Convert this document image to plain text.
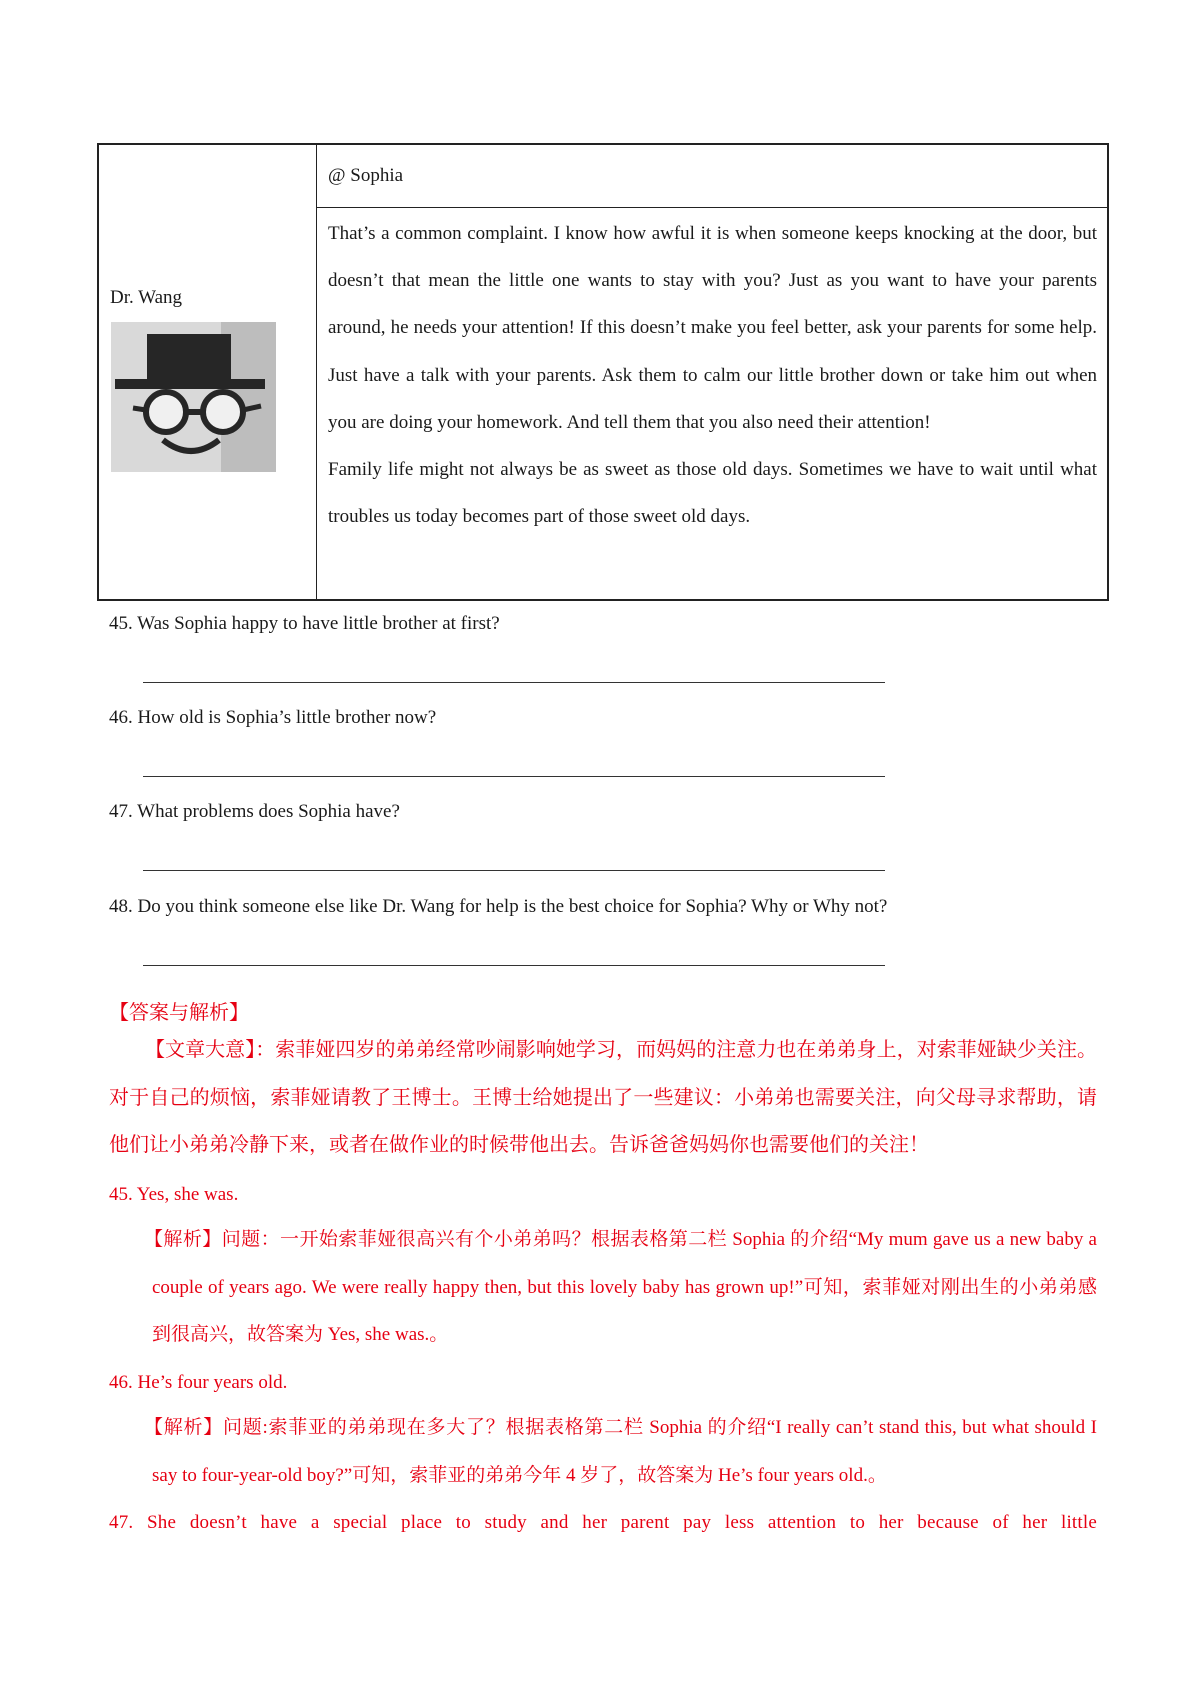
Dr. Wang
@ Sophia

That’s a common complaint. I know how awful it is when someone keeps knocking at the door, but doesn’t that mean the little one wants to stay with you? Just as you want to have your parents around, he needs your attention! If this doesn’t make you feel better, ask your parents for some help. Just have a talk with your parents. Ask them to calm our little brother down or take him out when you are doing your homework. And tell them that you also need their attention!

Family life might not always be as sweet as those old days. Sometimes we have to wait until what troubles us today becomes part of those sweet old days.

45. Was Sophia happy to have little brother at first?
46. How old is Sophia’s little brother now?
47. What problems does Sophia have?
48. Do you think someone else like Dr. Wang for help is the best choice for Sophia? Why or Why not?
【答案与解析】
【文章大意】：索菲娅四岁的弟弟经常吵闹影响她学习，而妈妈的注意力也在弟弟身上，对索菲娅缺少关注。对于自己的烦恼，索菲娅请教了王博士。王博士给她提出了一些建议：小弟弟也需要关注，向父母寻求帮助，请他们让小弟弟冷静下来，或者在做作业的时候带他出去。告诉爸爸妈妈你也需要他们的关注！
45. Yes, she was.
【解析】问题：一开始索菲娅很高兴有个小弟弟吗？根据表格第二栏 Sophia 的介绍“My mum gave us a new baby a couple of years ago. We were really happy then, but this lovely baby has grown up!”可知，索菲娅对刚出生的小弟弟感到很高兴，故答案为 Yes, she was.。
46. He’s four years old.
【解析】问题:索菲亚的弟弟现在多大了？根据表格第二栏 Sophia 的介绍“I really can’t stand this, but what should I say to four-year-old boy?”可知，索菲亚的弟弟今年 4 岁了，故答案为 He’s four years old.。
47. She doesn’t have a special place to study and her parent pay less attention to her because of her little
